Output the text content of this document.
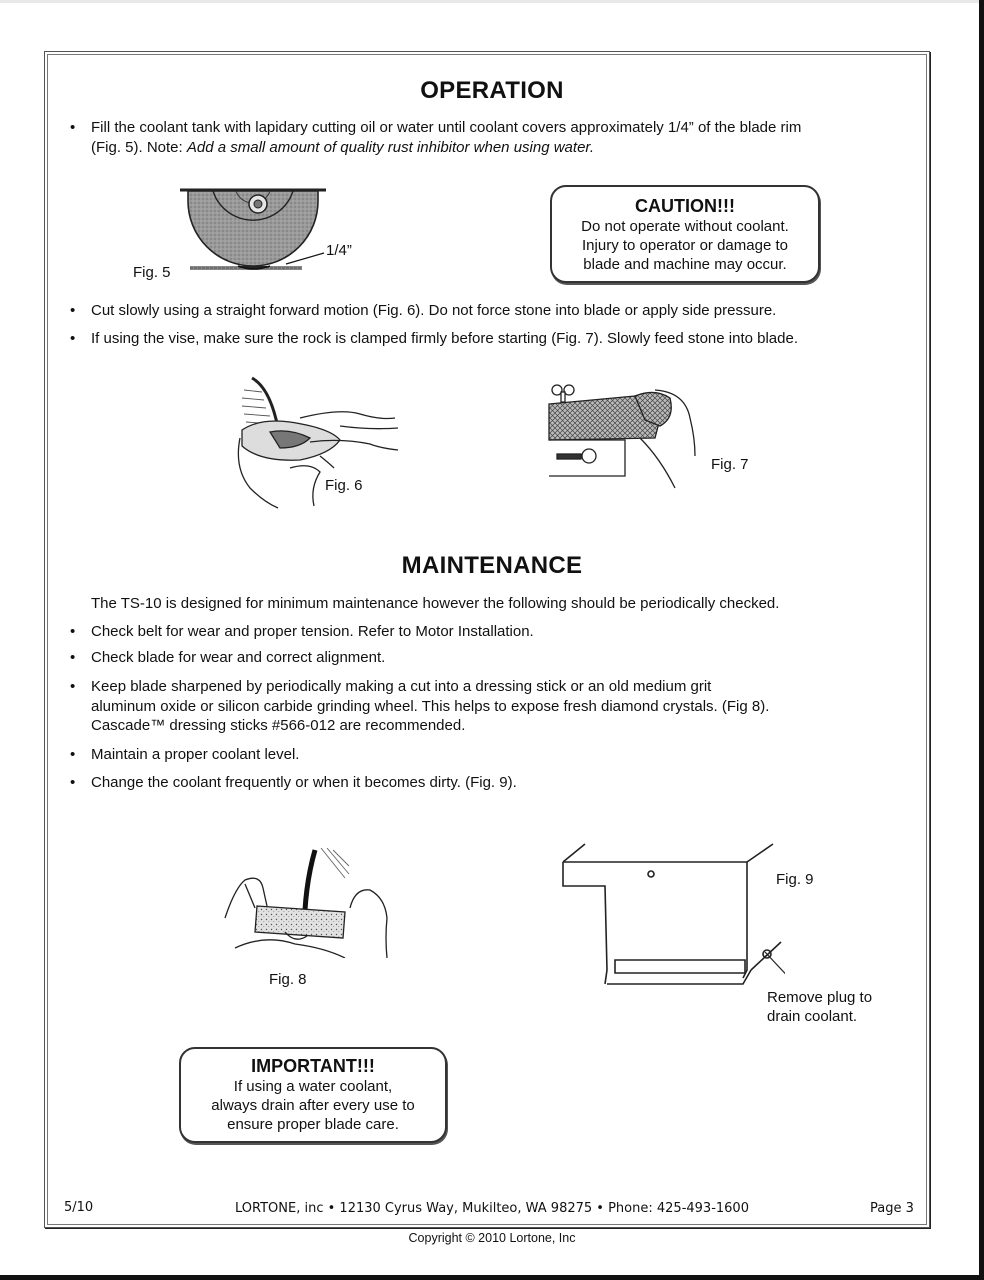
OPERATION
•	Fill the coolant tank with lapidary cutting oil or water until coolant covers approximately 1/4” of the blade rim
(Fig. 5). Note: Add a small amount of quality rust inhibitor when using water.
1/4”
Fig. 5
CAUTION!!!
Do not operate without coolant.
Injury to operator or damage to
blade and machine may occur.
•	Cut slowly using a straight forward motion (Fig. 6). Do not force stone into blade or apply side pressure.
•	If using the vise, make sure the rock is clamped firmly before starting (Fig. 7). Slowly feed stone into blade.
Fig. 6
Fig. 7
MAINTENANCE
The TS-10 is designed for minimum maintenance however the following should be periodically checked.
•	Check belt for wear and proper tension. Refer to Motor Installation.
•	Check blade for wear and correct alignment.
•	Keep blade sharpened by periodically making a cut into a dressing stick or an old medium grit
aluminum oxide or silicon carbide grinding wheel. This helps to expose fresh diamond crystals. (Fig 8).
Cascade™ dressing sticks #566-012 are recommended.
•	Maintain a proper coolant level.
•	Change the coolant frequently or when it becomes dirty. (Fig. 9).
Fig. 8
Fig. 9
Remove plug to
drain coolant.
IMPORTANT!!!
If using a water coolant,
always drain after every use to
ensure proper blade care.
5/10	LORTONE, inc • 12130 Cyrus Way, Mukilteo, WA 98275 • Phone: 425-493-1600	Page 3
Copyright © 2010 Lortone, Inc
